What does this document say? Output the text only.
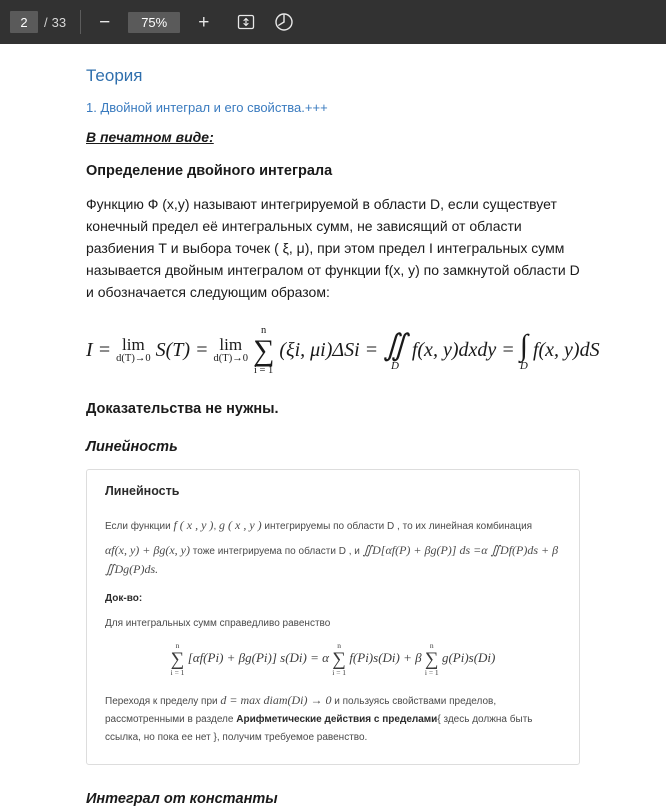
2
/ 33 −	75%	+
Теория
1. Двойной интеграл и его свойства.+++
В печатном виде:
Определение двойного интеграла

Функцию Ф (x,y) называют интегрируемой в области D, если существует конечный предел её интегральных сумм, не зависящий от области разбиения Т и выбора точек ( ξ, μ), при этом предел I интегральных сумм называется двойным интегралом от функции f(x, y) по замкнутой области D и обозначается следующим образом:

I = lim
d(T)→0 S(T) = lim
d(T)→0

n
∑
i = 1
(ξi, μi)ΔSi = ∬
D
f(x, y)dxdy = ∫
D
f(x, y)dS
Доказательства не нужны.
Линейность
Линейность

Если функции f ( x , y ), g ( x , y ) интегрируемы по области D , то их линейная комбинация

αf(x, y) + βg(x, y) тоже интегрируема по области D , и ∬D[αf(P) + βg(P)] ds =α ∬Df(P)ds + β ∬Dg(P)ds.

Док-во:

Для интегральных сумм справедливо равенство

n
∑
i = 1
[αf(Pi) + βg(Pi)] s(Di) = α
n
∑
i = 1
f(Pi)s(Di) + β
n
∑
i = 1
g(Pi)s(Di)

Переходя к пределу при d = max diam(Di) → 0 и пользуясь свойствами пределов, рассмотренными в разделе Арифметические действия с пределами{ здесь должна быть ссылка, но пока ее нет }, получим требуемое равенство.

Интеграл от константы
